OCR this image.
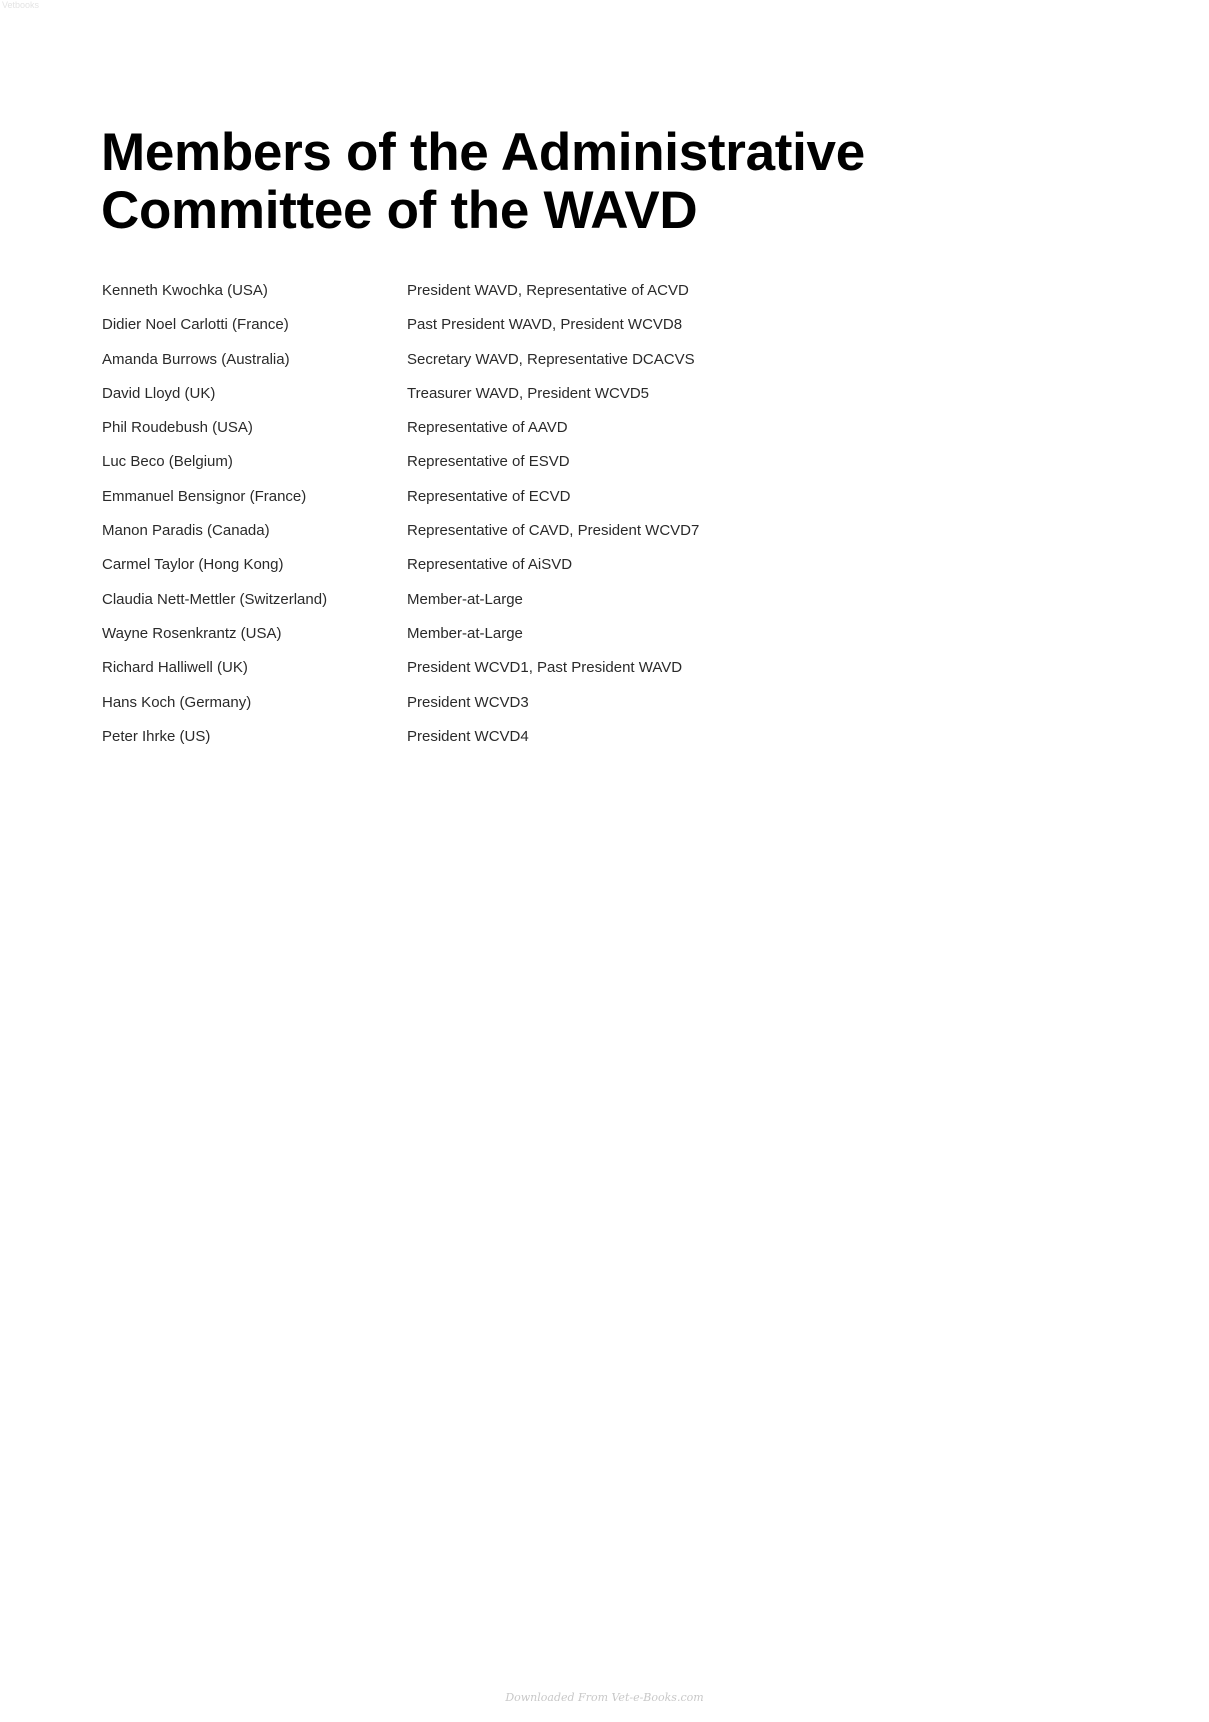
Vetbooks
Members of the Administrative
Committee of the WAVD
Kenneth Kwochka (USA)	President WAVD, Representative of ACVD
Didier Noel Carlotti (France)	Past President WAVD, President WCVD8
Amanda Burrows (Australia)	Secretary WAVD, Representative DCACVS
David Lloyd (UK)	Treasurer WAVD, President WCVD5
Phil Roudebush (USA)	Representative of AAVD
Luc Beco (Belgium)	Representative of ESVD
Emmanuel Bensignor (France)	Representative of ECVD
Manon Paradis (Canada)	Representative of CAVD, President WCVD7
Carmel Taylor (Hong Kong)	Representative of AiSVD
Claudia Nett-Mettler (Switzerland)	Member-at-Large
Wayne Rosenkrantz (USA)	Member-at-Large
Richard Halliwell (UK)	President WCVD1, Past President WAVD
Hans Koch (Germany)	President WCVD3
Peter Ihrke (US)	President WCVD4
Downloaded From Vet-e-Books.com
